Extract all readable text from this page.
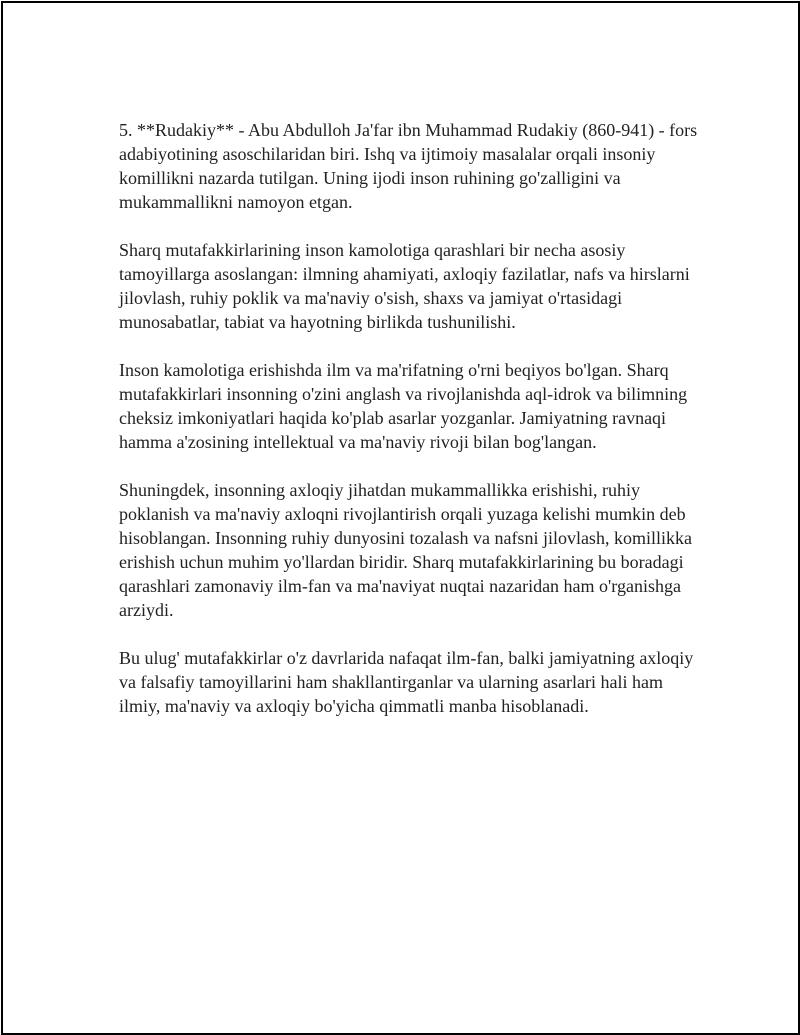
5. **Rudakiy** - Abu Abdulloh Ja'far ibn Muhammad Rudakiy (860-941) - fors adabiyotining asoschilaridan biri. Ishq va ijtimoiy masalalar orqali insoniy komillikni nazarda tutilgan. Uning ijodi inson ruhining go'zalligini va mukammallikni namoyon etgan.

Sharq mutafakkirlarining inson kamolotiga qarashlari bir necha asosiy tamoyillarga asoslangan: ilmning ahamiyati, axloqiy fazilatlar, nafs va hirslarni jilovlash, ruhiy poklik va ma'naviy o'sish, shaxs va jamiyat o'rtasidagi munosabatlar, tabiat va hayotning birlikda tushunilishi.

Inson kamolotiga erishishda ilm va ma'rifatning o'rni beqiyos bo'lgan. Sharq mutafakkirlari insonning o'zini anglash va rivojlanishda aql-idrok va bilimning cheksiz imkoniyatlari haqida ko'plab asarlar yozganlar. Jamiyatning ravnaqi hamma a'zosining intellektual va ma'naviy rivoji bilan bog'langan.

Shuningdek, insonning axloqiy jihatdan mukammallikka erishishi, ruhiy poklanish va ma'naviy axloqni rivojlantirish orqali yuzaga kelishi mumkin deb hisoblangan. Insonning ruhiy dunyosini tozalash va nafsni jilovlash, komillikka erishish uchun muhim yo'llardan biridir. Sharq mutafakkirlarining bu boradagi qarashlari zamonaviy ilm-fan va ma'naviyat nuqtai nazaridan ham o'rganishga arziydi.

Bu ulug' mutafakkirlar o'z davrlarida nafaqat ilm-fan, balki jamiyatning axloqiy va falsafiy tamoyillarini ham shakllantirganlar va ularning asarlari hali ham ilmiy, ma'naviy va axloqiy bo'yicha qimmatli manba hisoblanadi.
